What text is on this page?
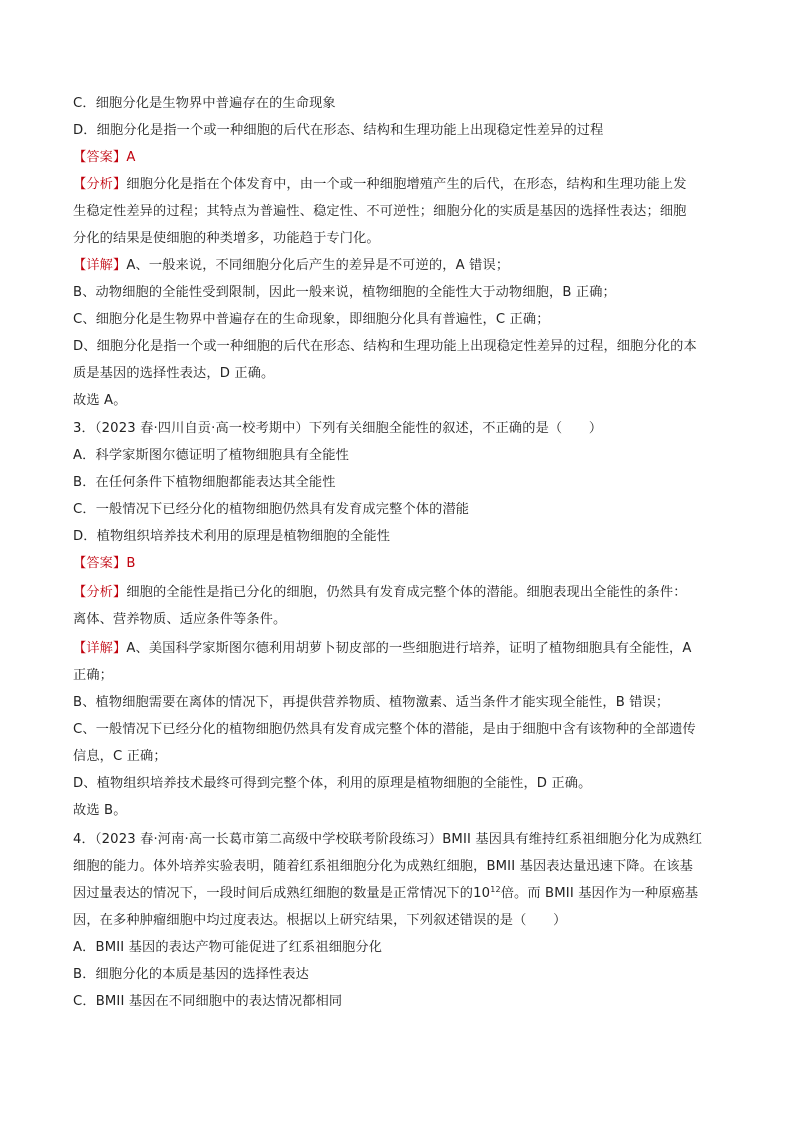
C．细胞分化是生物界中普遍存在的生命现象
D．细胞分化是指一个或一种细胞的后代在形态、结构和生理功能上出现稳定性差异的过程
【答案】A
【分析】细胞分化是指在个体发育中，由一个或一种细胞增殖产生的后代，在形态，结构和生理功能上发
生稳定性差异的过程；其特点为普遍性、稳定性、不可逆性；细胞分化的实质是基因的选择性表达；细胞
分化的结果是使细胞的种类增多，功能趋于专门化。
【详解】A、一般来说，不同细胞分化后产生的差异是不可逆的，A 错误；
B、动物细胞的全能性受到限制，因此一般来说，植物细胞的全能性大于动物细胞，B 正确；
C、细胞分化是生物界中普遍存在的生命现象，即细胞分化具有普遍性，C 正确；
D、细胞分化是指一个或一种细胞的后代在形态、结构和生理功能上出现稳定性差异的过程，细胞分化的本
质是基因的选择性表达，D 正确。
故选 A。
3．（2023 春·四川自贡·高一校考期中）下列有关细胞全能性的叙述，不正确的是（　　）
A．科学家斯图尔德证明了植物细胞具有全能性
B．在任何条件下植物细胞都能表达其全能性
C．一般情况下已经分化的植物细胞仍然具有发育成完整个体的潜能
D．植物组织培养技术利用的原理是植物细胞的全能性
【答案】B
【分析】细胞的全能性是指已分化的细胞，仍然具有发育成完整个体的潜能。细胞表现出全能性的条件：
离体、营养物质、适应条件等条件。
【详解】A、美国科学家斯图尔德利用胡萝卜韧皮部的一些细胞进行培养，证明了植物细胞具有全能性，A
正确；
B、植物细胞需要在离体的情况下，再提供营养物质、植物激素、适当条件才能实现全能性，B 错误；
C、一般情况下已经分化的植物细胞仍然具有发育成完整个体的潜能，是由于细胞中含有该物种的全部遗传
信息，C 正确；
D、植物组织培养技术最终可得到完整个体，利用的原理是植物细胞的全能性，D 正确。
故选 B。
4．（2023 春·河南·高一长葛市第二高级中学校联考阶段练习）BMII 基因具有维持红系祖细胞分化为成熟红
细胞的能力。体外培养实验表明，随着红系祖细胞分化为成熟红细胞，BMII 基因表达量迅速下降。在该基
因过量表达的情况下，一段时间后成熟红细胞的数量是正常情况下的$10^{12}$倍。而 BMII 基因作为一种原癌基
因，在多种肿瘤细胞中均过度表达。根据以上研究结果，下列叙述错误的是（　　）
A．BMII 基因的表达产物可能促进了红系祖细胞分化
B．细胞分化的本质是基因的选择性表达
C．BMII 基因在不同细胞中的表达情况都相同
